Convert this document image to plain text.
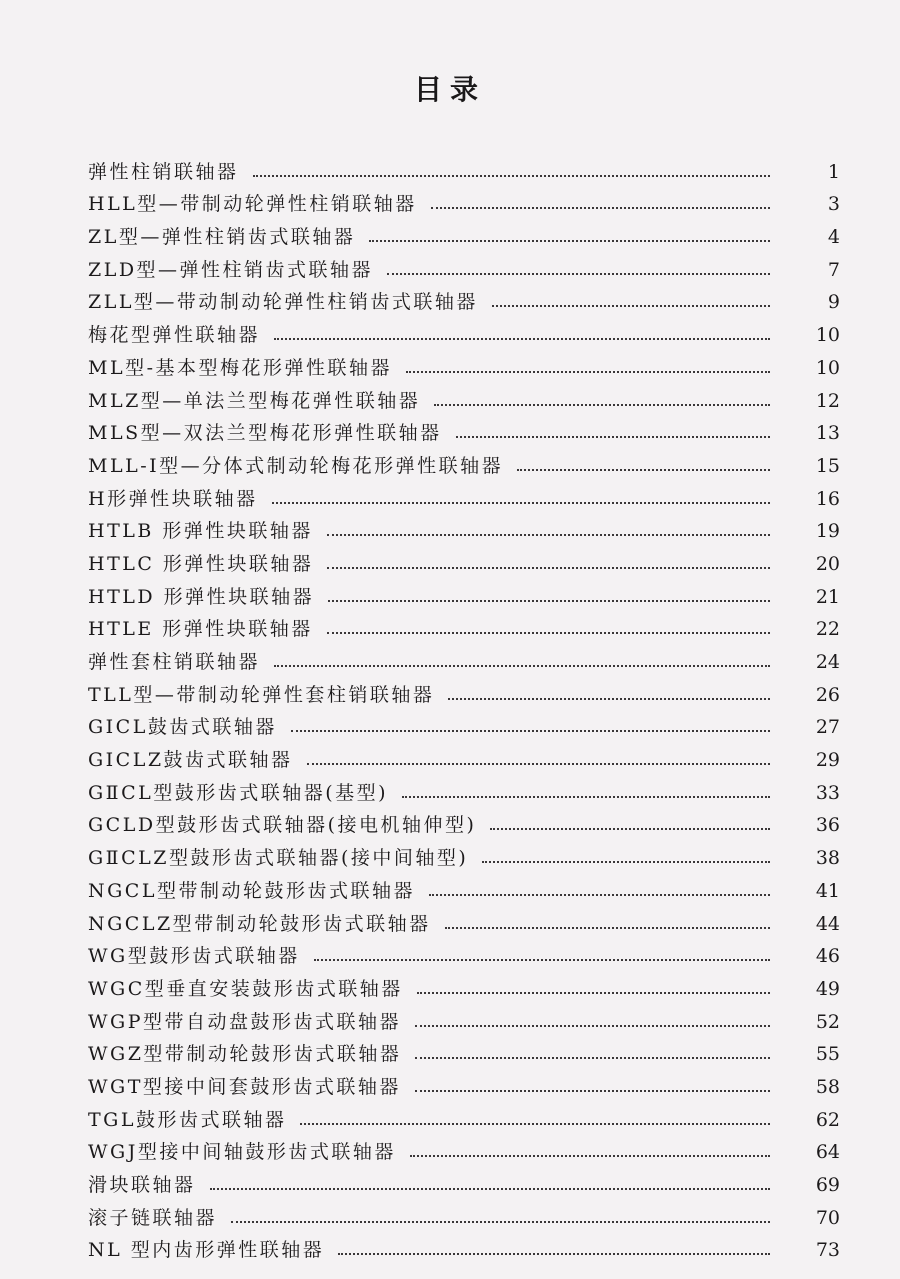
目录
弹性柱销联轴器	1
HLL型—带制动轮弹性柱销联轴器	3
ZL型—弹性柱销齿式联轴器	4
ZLD型—弹性柱销齿式联轴器	7
ZLL型—带动制动轮弹性柱销齿式联轴器	9
梅花型弹性联轴器	10
ML型-基本型梅花形弹性联轴器	10
MLZ型—单法兰型梅花弹性联轴器	12
MLS型—双法兰型梅花形弹性联轴器	13
MLL-I型—分体式制动轮梅花形弹性联轴器	15
H形弹性块联轴器	16
HTLB 形弹性块联轴器	19
HTLC 形弹性块联轴器	20
HTLD 形弹性块联轴器	21
HTLE 形弹性块联轴器	22
弹性套柱销联轴器	24
TLL型—带制动轮弹性套柱销联轴器	26
GICL鼓齿式联轴器	27
GICLZ鼓齿式联轴器	29
GⅡCL型鼓形齿式联轴器(基型)	33
GCLD型鼓形齿式联轴器(接电机轴伸型)	36
GⅡCLZ型鼓形齿式联轴器(接中间轴型)	38
NGCL型带制动轮鼓形齿式联轴器	41
NGCLZ型带制动轮鼓形齿式联轴器	44
WG型鼓形齿式联轴器	46
WGC型垂直安装鼓形齿式联轴器	49
WGP型带自动盘鼓形齿式联轴器	52
WGZ型带制动轮鼓形齿式联轴器	55
WGT型接中间套鼓形齿式联轴器	58
TGL鼓形齿式联轴器	62
WGJ型接中间轴鼓形齿式联轴器	64
滑块联轴器	69
滚子链联轴器	70
NL 型内齿形弹性联轴器	73
